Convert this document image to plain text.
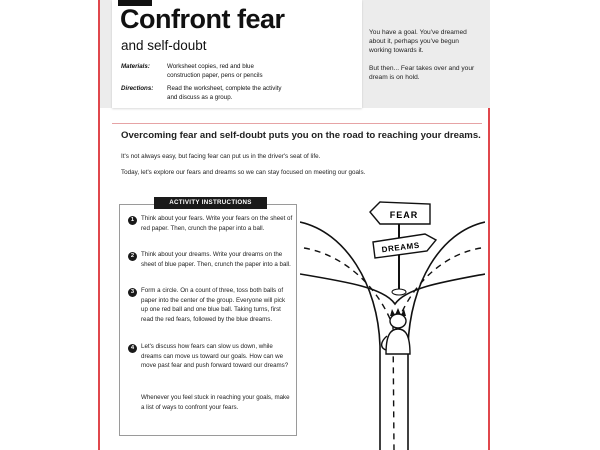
Confront fear
and self-doubt
Materials:	Worksheet copies, red and blue construction paper, pens or pencils
Directions:	Read the worksheet, complete the activity and discuss as a group.
You have a goal. You've dreamed about it, perhaps you've begun working towards it.
But then... Fear takes over and your dream is on hold.
Overcoming fear and self-doubt puts you on the road to reaching your dreams.
It's not always easy, but facing fear can put us in the driver's seat of life.
Today, let's explore our fears and dreams so we can stay focused on meeting our goals.
ACTIVITY INSTRUCTIONS
1	Think about your fears. Write your fears on the sheet of red paper. Then, crunch the paper into a ball.
2	Think about your dreams. Write your dreams on the sheet of blue paper. Then, crunch the paper into a ball.
3	Form a circle. On a count of three, toss both balls of paper into the center of the group. Everyone will pick up one red ball and one blue ball. Taking turns, first read the red fears, followed by the blue dreams.
4	Let's discuss how fears can slow us down, while dreams can move us toward our goals. How can we move past fear and push forward toward our dreams?
Whenever you feel stuck in reaching your goals, make a list of ways to confront your fears.
FEAR
DREAMS
